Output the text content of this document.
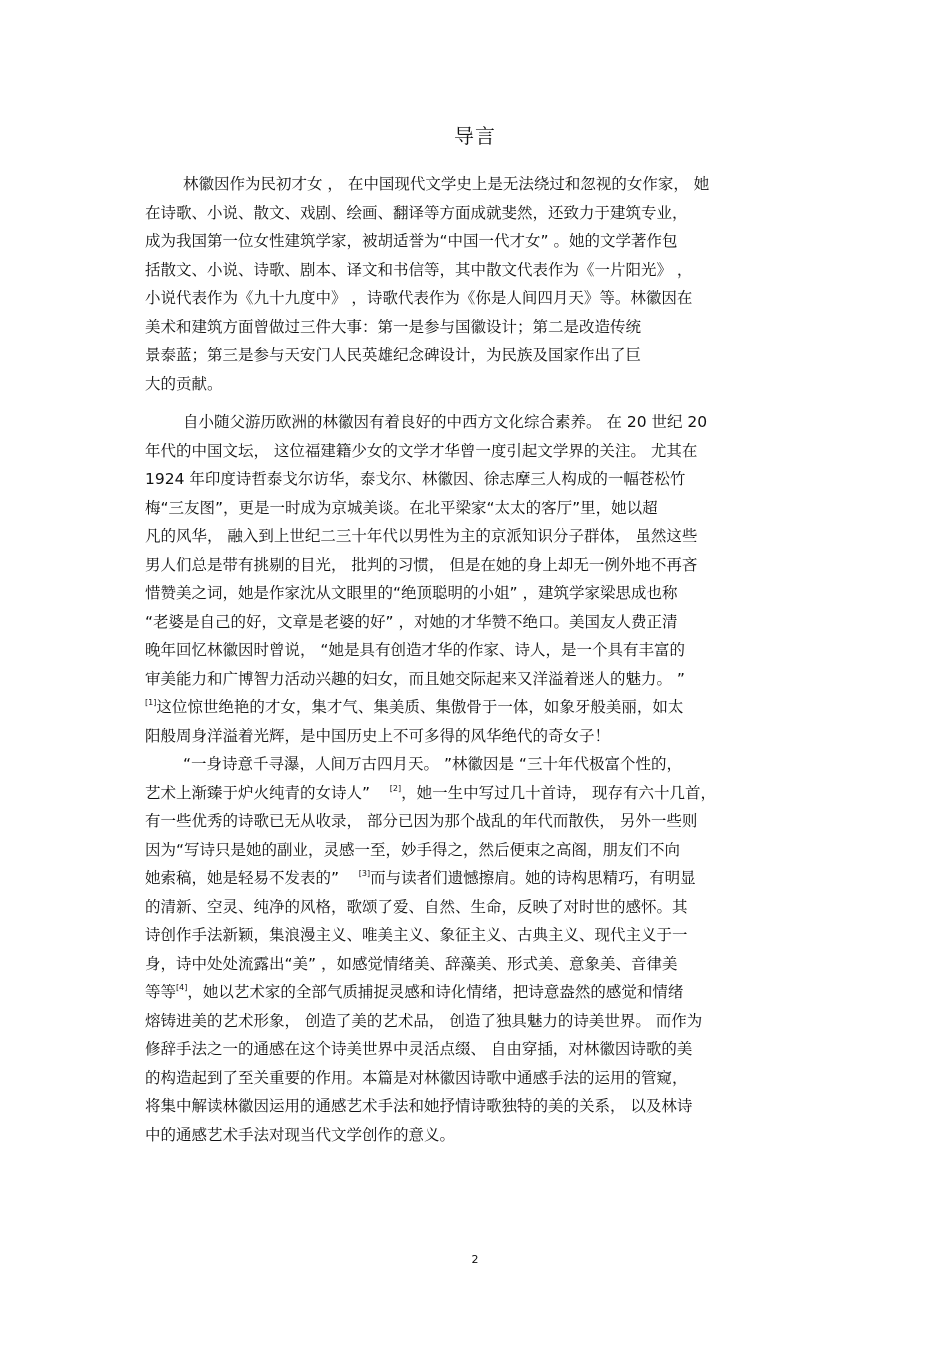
导言
林徽因作为民初才女 ， 在中国现代文学史上是无法绕过和忽视的女作家， 她
在诗歌、小说、散文、戏剧、绘画、翻译等方面成就斐然，还致力于建筑专业，
成为我国第一位女性建筑学家，被胡适誉为“中国一代才女” 。她的文学著作包
括散文、小说、诗歌、剧本、译文和书信等，其中散文代表作为《一片阳光》 ，
小说代表作为《九十九度中》 ，诗歌代表作为《你是人间四月天》等。林徽因在
美术和建筑方面曾做过三件大事：第一是参与国徽设计；第二是改造传统
景泰蓝；第三是参与天安门人民英雄纪念碑设计，为民族及国家作出了巨
大的贡献。
自小随父游历欧洲的林徽因有着良好的中西方文化综合素养。 在 20 世纪 20
年代的中国文坛， 这位福建籍少女的文学才华曾一度引起文学界的关注。 尤其在
1924 年印度诗哲泰戈尔访华，泰戈尔、林徽因、徐志摩三人构成的一幅苍松竹
梅“三友图”，更是一时成为京城美谈。在北平梁家“太太的客厅”里，她以超
凡的风华， 融入到上世纪二三十年代以男性为主的京派知识分子群体， 虽然这些
男人们总是带有挑剔的目光， 批判的习惯， 但是在她的身上却无一例外地不再吝
惜赞美之词，她是作家沈从文眼里的“绝顶聪明的小姐” ，建筑学家梁思成也称
“老婆是自己的好，文章是老婆的好” ，对她的才华赞不绝口。美国友人费正清
晚年回忆林徽因时曾说， “她是具有创造才华的作家、诗人，是一个具有丰富的
审美能力和广博智力活动兴趣的妇女，而且她交际起来又洋溢着迷人的魅力。 ”
[1]这位惊世绝艳的才女，集才气、集美质、集傲骨于一体，如象牙般美丽，如太
阳般周身洋溢着光辉，是中国历史上不可多得的风华绝代的奇女子！
“一身诗意千寻瀑，人间万古四月天。 ”林徽因是 “三十年代极富个性的，
艺术上渐臻于炉火纯青的女诗人” [2]，她一生中写过几十首诗， 现存有六十几首，
有一些优秀的诗歌已无从收录， 部分已因为那个战乱的年代而散佚， 另外一些则
因为“写诗只是她的副业，灵感一至，妙手得之，然后便束之高阁，朋友们不向
她索稿，她是轻易不发表的” [3]而与读者们遗憾擦肩。她的诗构思精巧，有明显
的清新、空灵、纯净的风格，歌颂了爱、自然、生命，反映了对时世的感怀。其
诗创作手法新颖，集浪漫主义、唯美主义、象征主义、古典主义、现代主义于一
身，诗中处处流露出“美” ，如感觉情绪美、辞藻美、形式美、意象美、音律美
等等[4]，她以艺术家的全部气质捕捉灵感和诗化情绪，把诗意盎然的感觉和情绪
熔铸进美的艺术形象， 创造了美的艺术品， 创造了独具魅力的诗美世界。 而作为
修辞手法之一的通感在这个诗美世界中灵活点缀、 自由穿插，对林徽因诗歌的美
的构造起到了至关重要的作用。本篇是对林徽因诗歌中通感手法的运用的管窥，
将集中解读林徽因运用的通感艺术手法和她抒情诗歌独特的美的关系， 以及林诗
中的通感艺术手法对现当代文学创作的意义。
2
